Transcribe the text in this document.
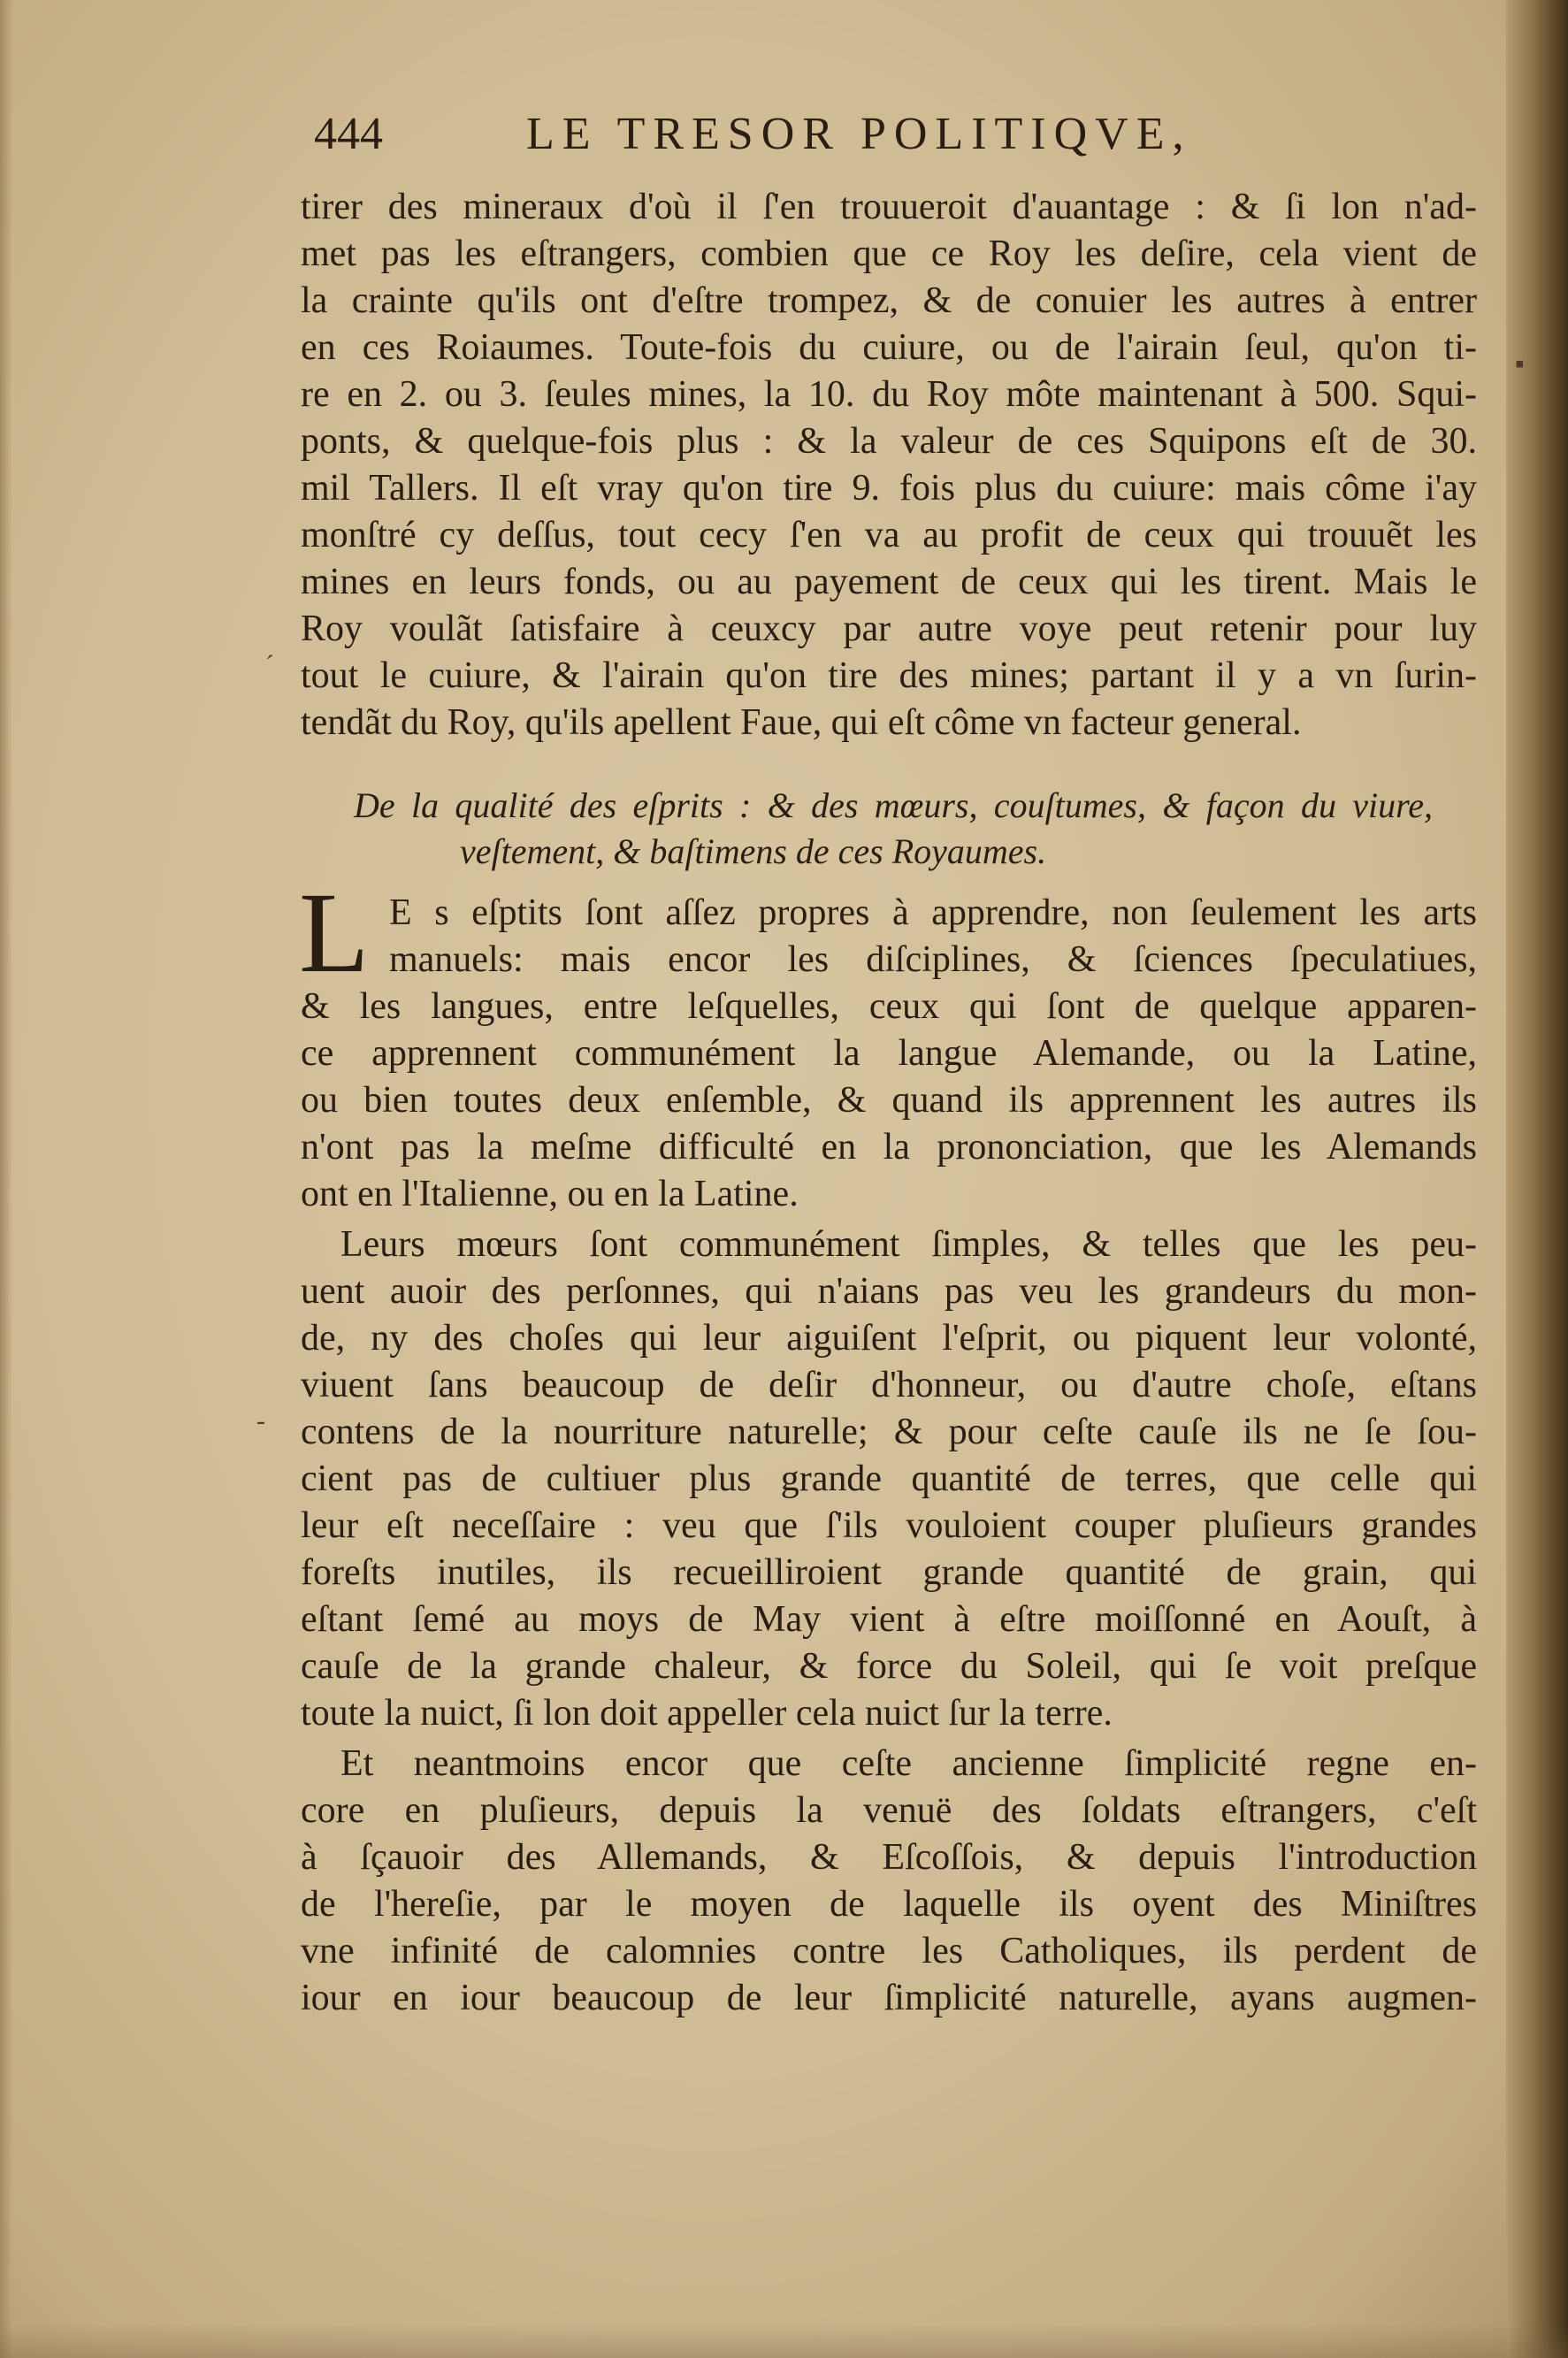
444	LE TRESOR POLITIQVE,
tirer des mineraux d'où il ſ'en trouueroit d'auantage : & ſi lon n'ad-
met pas les eſtrangers, combien que ce Roy les deſire, cela vient de
la crainte qu'ils ont d'eſtre trompez, & de conuier les autres à entrer
en ces Roiaumes. Toute-fois du cuiure, ou de l'airain ſeul, qu'on ti-
re en 2. ou 3. ſeules mines, la 10. du Roy môte maintenant à 500. Squi-
ponts, & quelque-fois plus : & la valeur de ces Squipons eſt de 30.
mil Tallers. Il eſt vray qu'on tire 9. fois plus du cuiure: mais côme i'ay
monſtré cy deſſus, tout cecy ſ'en va au profit de ceux qui trouuẽt les
mines en leurs fonds, ou au payement de ceux qui les tirent. Mais le
Roy voulãt ſatisfaire à ceuxcy par autre voye peut retenir pour luy
tout le cuiure, & l'airain qu'on tire des mines; partant il y a vn ſurin-
tendãt du Roy, qu'ils apellent Faue, qui eſt côme vn facteur general.
De la qualité des eſprits : & des mœurs, couſtumes, & façon du viure,
veſtement, & baſtimens de ces Royaumes.
L E s eſptits ſont aſſez propres à apprendre, non ſeulement les arts
manuels: mais encor les diſciplines, & ſciences ſpeculatiues,
& les langues, entre leſquelles, ceux qui ſont de quelque apparen-
ce apprennent communément la langue Alemande, ou la Latine,
ou bien toutes deux enſemble, & quand ils apprennent les autres ils
n'ont pas la meſme difficulté en la prononciation, que les Alemands
ont en l'Italienne, ou en la Latine.
Leurs mœurs ſont communément ſimples, & telles que les peu-
uent auoir des perſonnes, qui n'aians pas veu les grandeurs du mon-
de, ny des choſes qui leur aiguiſent l'eſprit, ou piquent leur volonté,
viuent ſans beaucoup de deſir d'honneur, ou d'autre choſe, eſtans
contens de la nourriture naturelle; & pour ceſte cauſe ils ne ſe ſou-
cient pas de cultiuer plus grande quantité de terres, que celle qui
leur eſt neceſſaire : veu que ſ'ils vouloient couper pluſieurs grandes
foreſts inutiles, ils recueilliroient grande quantité de grain, qui
eſtant ſemé au moys de May vient à eſtre moiſſonné en Aouſt, à
cauſe de la grande chaleur, & force du Soleil, qui ſe voit preſque
toute la nuict, ſi lon doit appeller cela nuict ſur la terre.
Et neantmoins encor que ceſte ancienne ſimplicité regne en-
core en pluſieurs, depuis la venuë des ſoldats eſtrangers, c'eſt
à ſçauoir des Allemands, & Eſcoſſois, & depuis l'introduction
de l'hereſie, par le moyen de laquelle ils oyent des Miniſtres
vne infinité de calomnies contre les Catholiques, ils perdent de
iour en iour beaucoup de leur ſimplicité naturelle, ayans augmen-
▪
ˊ
-
